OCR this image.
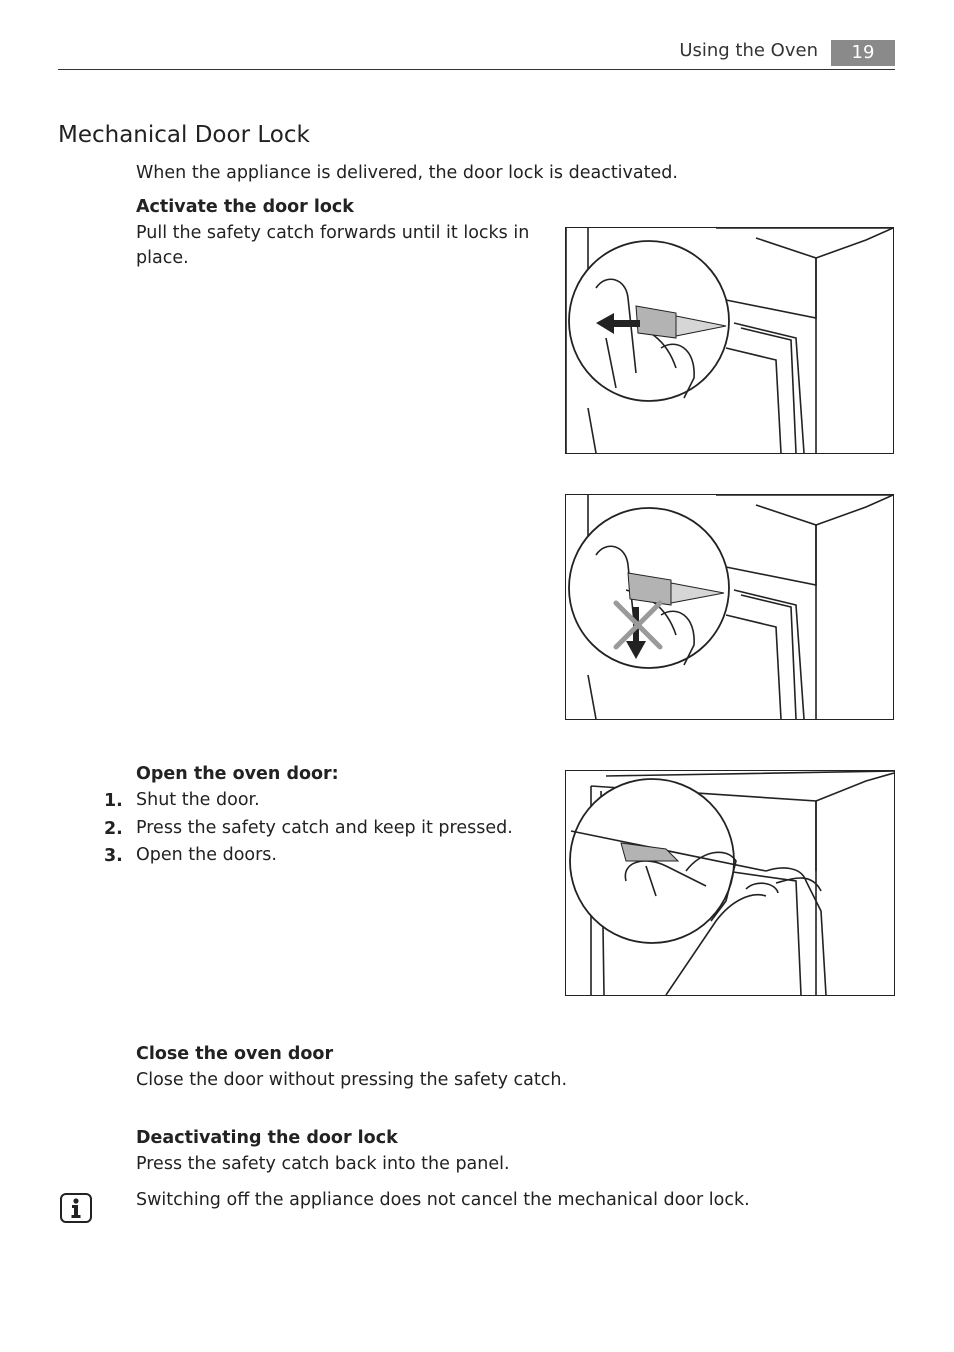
Using the Oven	19
Mechanical Door Lock
When the appliance is delivered, the door lock is deactivated.
Activate the door lock
Pull the safety catch forwards until it locks in
place.
Open the oven door:
1. Shut the door.
2. Press the safety catch and keep it pressed.
3. Open the doors.
Close the oven door
Close the door without pressing the safety catch.
Deactivating the door lock
Press the safety catch back into the panel.
Switching off the appliance does not cancel the mechanical door lock.
